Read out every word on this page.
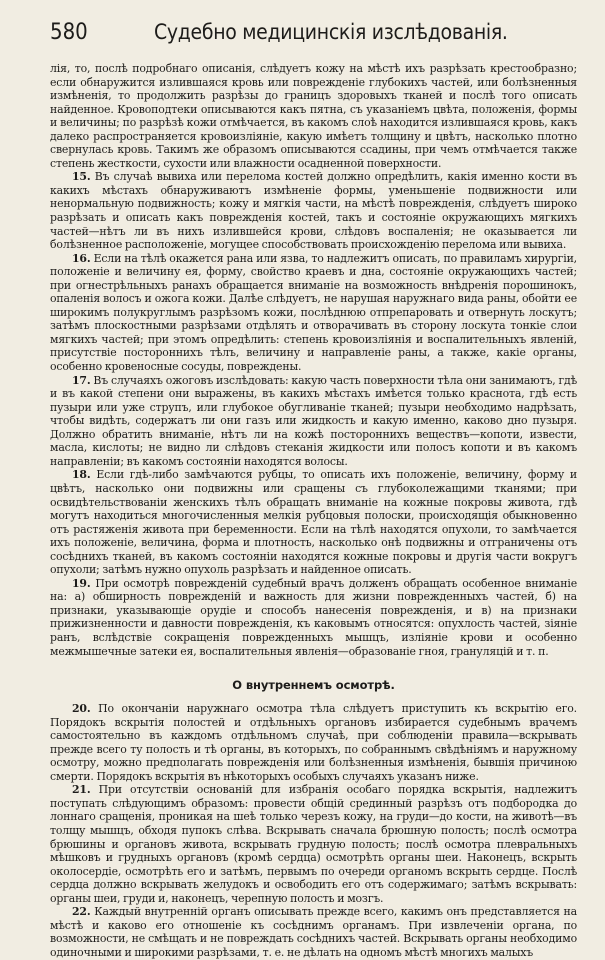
580	Судебно медицинскія изслѣдованія.

лія, то, послѣ подробнаго описанія, слѣдуетъ кожу на мѣстѣ ихъ разрѣзать крестообразно; если обнаружится излившаяся кровь или поврежденіе глубокихъ частей, или болѣзненныя измѣненія, то продолжить разрѣзы до границъ здоровыхъ тканей и послѣ того описать найденное. Кровоподтеки описываются какъ пятна, съ указаніемъ цвѣта, положенія, формы и величины; по разрѣзѣ кожи отмѣчается, въ какомъ слоѣ находится излившаяся кровь, какъ далеко распространяется кровоизліяніе, какую имѣетъ толщину и цвѣтъ, насколько плотно свернулась кровь. Такимъ же образомъ описываются ссадины, при чемъ отмѣчается также степень жесткости, сухости или влажности осадненной поверхности.

15. Въ случаѣ вывиха или перелома костей должно опредѣлить, какія именно кости въ какихъ мѣстахъ обнаруживаютъ измѣненіе формы, уменьшеніе подвижности или ненормальную подвижность; кожу и мягкія части, на мѣстѣ поврежденія, слѣдуетъ широко разрѣзать и описать какъ поврежденія костей, такъ и состояніе окружающихъ мягкихъ частей—нѣтъ ли въ нихъ излившейся крови, слѣдовъ воспаленія; не оказывается ли болѣзненное расположеніе, могущее способствовать происхожденію перелома или вывиха.

16. Если на тѣлѣ окажется рана или язва, то надлежитъ описать, по правиламъ хирургіи, положеніе и величину ея, форму, свойство краевъ и дна, состояніе окружающихъ частей; при огнестрѣльныхъ ранахъ обращается вниманіе на возможность внѣдренія порошинокъ, опаленія волосъ и ожога кожи. Далѣе слѣдуетъ, не нарушая наружнаго вида раны, обойти ее широкимъ полукруглымъ разрѣзомъ кожи, послѣднюю отпрепаровать и отвернуть лоскутъ; затѣмъ плоскостными разрѣзами отдѣлять и отворачивать въ сторону лоскута тонкіе слои мягкихъ частей; при этомъ опредѣлить: степень кровоизліянія и воспалительныхъ явленій, присутствіе постороннихъ тѣлъ, величину и направленіе раны, а также, какіе органы, особенно кровеносные сосуды, повреждены.

17. Въ случаяхъ ожоговъ изслѣдовать: какую часть поверхности тѣла они занимаютъ, гдѣ и въ какой степени они выражены, въ какихъ мѣстахъ имѣется только краснота, гдѣ есть пузыри или уже струпъ, или глубокое обугливаніе тканей; пузыри необходимо надрѣзать, чтобы видѣть, содержатъ ли они газъ или жидкость и какую именно, каково дно пузыря. Должно обратить вниманіе, нѣтъ ли на кожѣ постороннихъ веществъ—копоти, извести, масла, кислоты; не видно ли слѣдовъ стеканія жидкости или полосъ копоти и въ какомъ направленіи; въ какомъ состояніи находятся волосы.

18. Если гдѣ-либо замѣчаются рубцы, то описать ихъ положеніе, величину, форму и цвѣтъ, насколько они подвижны или сращены съ глубоколежащими тканями; при освидѣтельствованіи женскихъ тѣлъ обращать вниманіе на кожные покровы живота, гдѣ могутъ находиться многочисленныя мелкія рубцовыя полоски, происходящія обыкновенно отъ растяженія живота при беременности. Если на тѣлѣ находятся опухоли, то замѣчается ихъ положеніе, величина, форма и плотность, насколько онѣ подвижны и отграничены отъ сосѣднихъ тканей, въ какомъ состояніи находятся кожные покровы и другія части вокругъ опухоли; затѣмъ нужно опухоль разрѣзать и найденное описать.

19. При осмотрѣ поврежденій судебный врачъ долженъ обращать особенное вниманіе на: а) обширность поврежденій и важность для жизни поврежденныхъ частей, б) на признаки, указывающіе орудіе и способъ нанесенія поврежденія, и в) на признаки прижизненности и давности поврежденія, къ каковымъ относятся: опухлость частей, зіяніе ранъ, вслѣдствіе сокращенія поврежденныхъ мышцъ, изліяніе крови и особенно межмышечные затеки ея, воспалительныя явленія—образованіе гноя, грануляцій и т. п.

О внутреннемъ осмотрѣ.

20. По окончаніи наружнаго осмотра тѣла слѣдуетъ приступить къ вскрытію его. Порядокъ вскрытія полостей и отдѣльныхъ органовъ избирается судебнымъ врачемъ самостоятельно въ каждомъ отдѣльномъ случаѣ, при соблюденіи правила—вскрывать прежде всего ту полость и тѣ органы, въ которыхъ, по собраннымъ свѣдѣніямъ и наружному осмотру, можно предполагать поврежденія или болѣзненныя измѣненія, бывшія причиною смерти. Порядокъ вскрытія въ нѣкоторыхъ особыхъ случаяхъ указанъ ниже.

21. При отсутствіи основаній для избранія особаго порядка вскрытія, надлежитъ поступать слѣдующимъ образомъ: провести общій срединный разрѣзъ отъ подбородка до лоннаго сращенія, проникая на шеѣ только черезъ кожу, на груди—до кости, на животѣ—въ толщу мышцъ, обходя пупокъ слѣва. Вскрывать сначала брюшную полость; послѣ осмотра брюшины и органовъ живота, вскрывать грудную полость; послѣ осмотра плевральныхъ мѣшковъ и грудныхъ органовъ (кромѣ сердца) осмотрѣть органы шеи. Наконецъ, вскрыть околосердіе, осмотрѣть его и затѣмъ, первымъ по очереди органомъ вскрыть сердце. Послѣ сердца должно вскрывать желудокъ и освободить его отъ содержимаго; затѣмъ вскрывать: органы шеи, груди и, наконецъ, черепную полость и мозгъ.

22. Каждый внутренній органъ описывать прежде всего, какимъ онъ представляется на мѣстѣ и каково его отношеніе къ сосѣднимъ органамъ. При извлеченіи органа, по возможности, не смѣщать и не повреждать сосѣднихъ частей. Вскрывать органы необходимо одиночными и широкими разрѣзами, т. е. не дѣлать на одномъ мѣстѣ многихъ малыхъ
